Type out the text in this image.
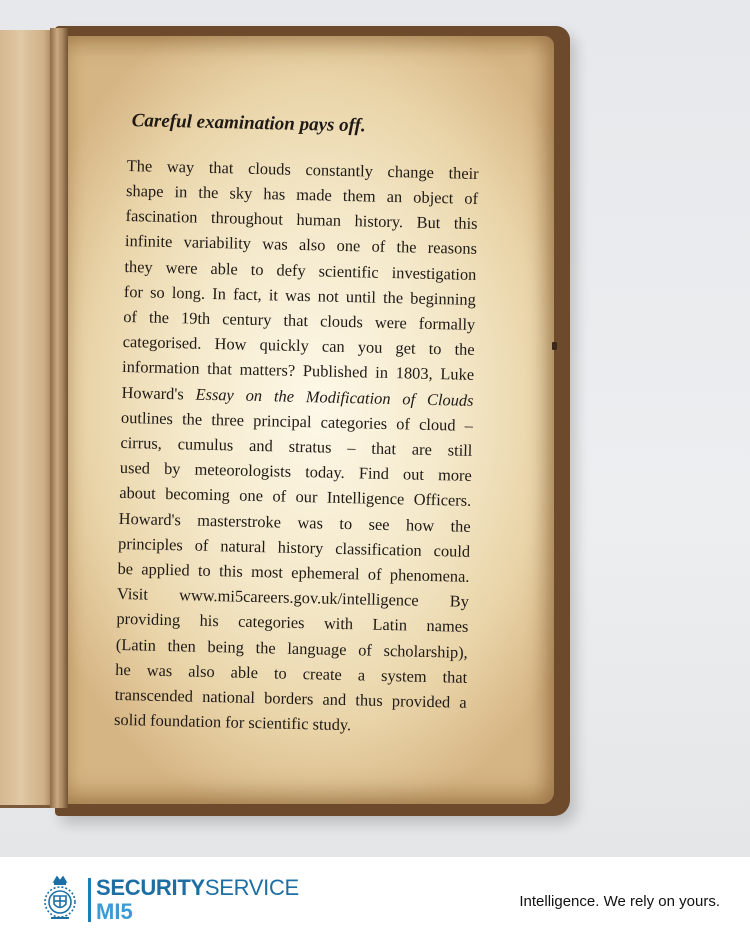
Careful examination pays off.
The way that clouds constantly change their
shape in the sky has made them an object of
fascination throughout human history. But this
infinite variability was also one of the reasons
they were able to defy scientific investigation
for so long. In fact, it was not until the beginning
of the 19th century that clouds were formally
categorised. How quickly can you get to the
information that matters? Published in 1803, Luke
Howard's Essay on the Modification of Clouds
outlines the three principal categories of cloud –
cirrus, cumulus and stratus – that are still
used by meteorologists today. Find out more
about becoming one of our Intelligence Officers.
Howard's masterstroke was to see how the
principles of natural history classification could
be applied to this most ephemeral of phenomena.
Visit www.mi5careers.gov.uk/intelligence By
providing his categories with Latin names
(Latin then being the language of scholarship),
he was also able to create a system that
transcended national borders and thus provided a
solid foundation for scientific study.
SECURITYSERVICE
MI5	Intelligence. We rely on yours.
